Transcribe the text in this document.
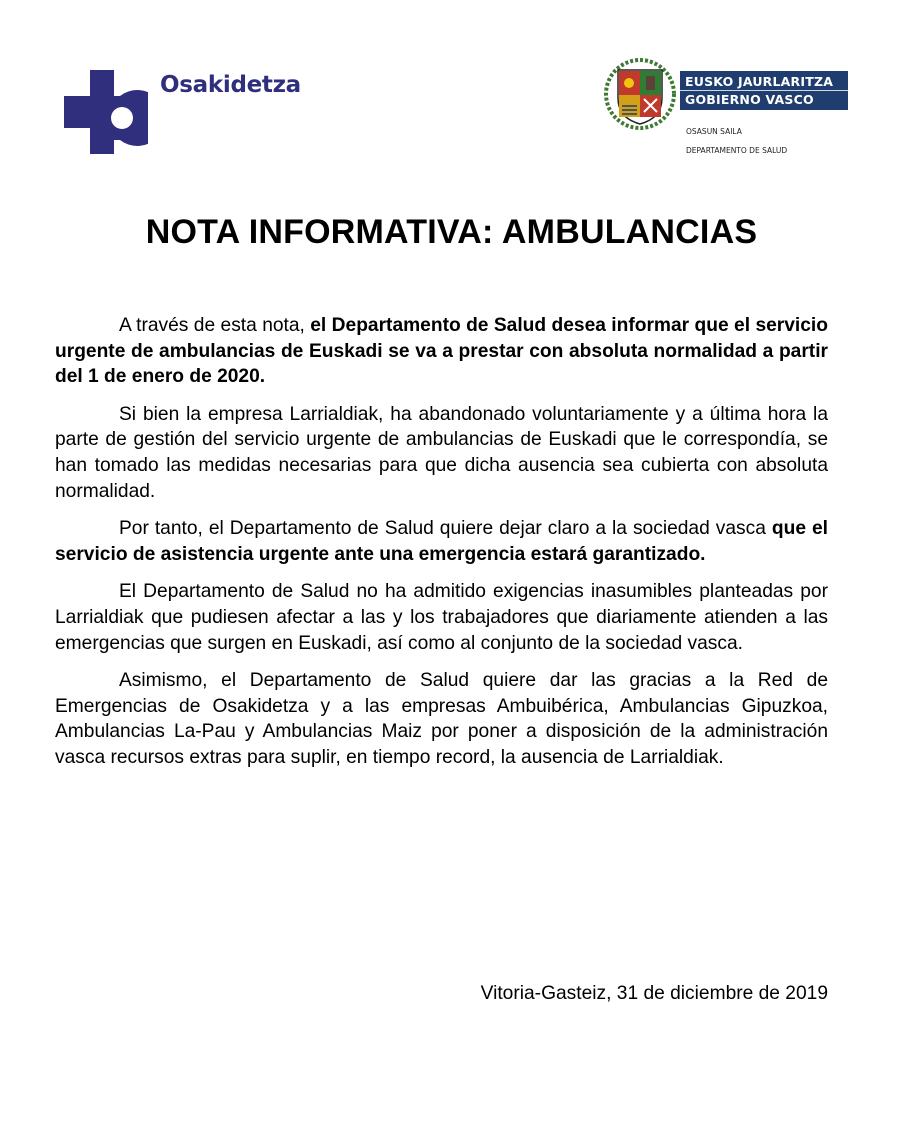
Osakidetza	EUSKO JAURLARITZA
GOBIERNO VASCO
OSASUN SAILA
DEPARTAMENTO DE SALUD
NOTA INFORMATIVA: AMBULANCIAS

A través de esta nota, el Departamento de Salud desea informar que el servicio urgente de ambulancias de Euskadi se va a prestar con absoluta normalidad a partir del 1 de enero de 2020.

Si bien la empresa Larrialdiak, ha abandonado voluntariamente y a última hora la parte de gestión del servicio urgente de ambulancias de Euskadi que le correspondía, se han tomado las medidas necesarias para que dicha ausencia sea cubierta con absoluta normalidad.

Por tanto, el Departamento de Salud quiere dejar claro a la sociedad vasca que el servicio de asistencia urgente ante una emergencia estará garantizado.

El Departamento de Salud no ha admitido exigencias inasumibles planteadas por Larrialdiak que pudiesen afectar a las y los trabajadores que diariamente atienden a las emergencias que surgen en Euskadi, así como al conjunto de la sociedad vasca.

Asimismo, el Departamento de Salud quiere dar las gracias a la Red de Emergencias de Osakidetza y a las empresas Ambuibérica, Ambulancias Gipuzkoa, Ambulancias La-Pau y Ambulancias Maiz por poner a disposición de la administración vasca recursos extras para suplir, en tiempo record, la ausencia de Larrialdiak.

Vitoria-Gasteiz, 31 de diciembre de 2019
